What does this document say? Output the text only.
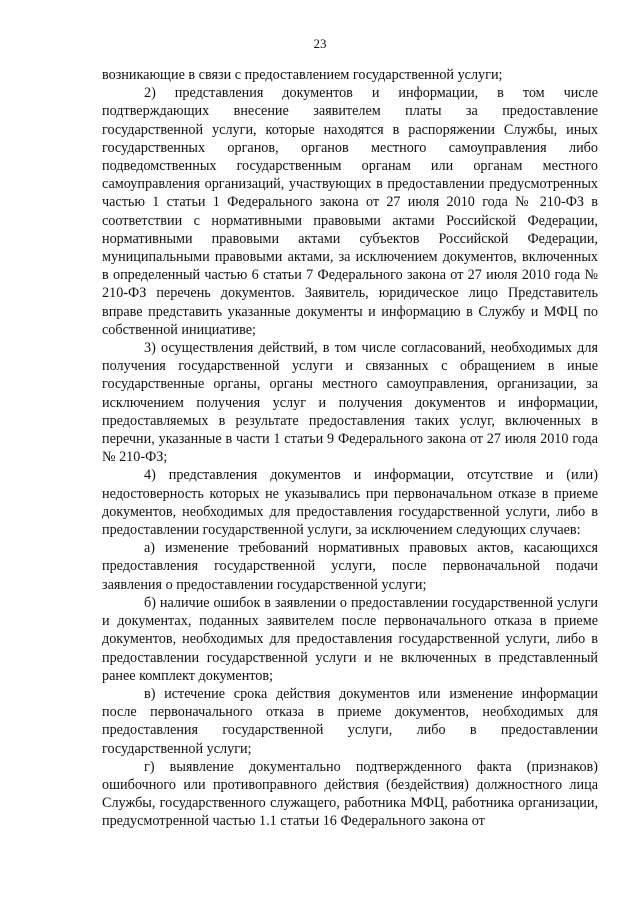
23

возникающие в связи с предоставлением государственной услуги;

2) представления документов и информации, в том числе подтверждающих внесение заявителем платы за предоставление государственной услуги, которые находятся в распоряжении Службы, иных государственных органов, органов местного самоуправления либо подведомственных государственным органам или органам местного самоуправления организаций, участвующих в предоставлении предусмотренных частью 1 статьи 1 Федерального закона от 27 июля 2010 года № 210-ФЗ в соответствии с нормативными правовыми актами Российской Федерации, нормативными правовыми актами субъектов Российской Федерации, муниципальными правовыми актами, за исключением документов, включенных в определенный частью 6 статьи 7 Федерального закона от 27 июля 2010 года № 210-ФЗ перечень документов. Заявитель, юридическое лицо Представитель вправе представить указанные документы и информацию в Службу и МФЦ по собственной инициативе;

3) осуществления действий, в том числе согласований, необходимых для получения государственной услуги и связанных с обращением в иные государственные органы, органы местного самоуправления, организации, за исключением получения услуг и получения документов и информации, предоставляемых в результате предоставления таких услуг, включенных в перечни, указанные в части 1 статьи 9 Федерального закона от 27 июля 2010 года № 210-ФЗ;

4) представления документов и информации, отсутствие и (или) недостоверность которых не указывались при первоначальном отказе в приеме документов, необходимых для предоставления государственной услуги, либо в предоставлении государственной услуги, за исключением следующих случаев:

а) изменение требований нормативных правовых актов, касающихся предоставления государственной услуги, после первоначальной подачи заявления о предоставлении государственной услуги;

б) наличие ошибок в заявлении о предоставлении государственной услуги и документах, поданных заявителем после первоначального отказа в приеме документов, необходимых для предоставления государственной услуги, либо в предоставлении государственной услуги и не включенных в представленный ранее комплект документов;

в) истечение срока действия документов или изменение информации после первоначального отказа в приеме документов, необходимых для предоставления государственной услуги, либо в предоставлении государственной услуги;

г) выявление документально подтвержденного факта (признаков) ошибочного или противоправного действия (бездействия) должностного лица Службы, государственного служащего, работника МФЦ, работника организации, предусмотренной частью 1.1 статьи 16 Федерального закона от
